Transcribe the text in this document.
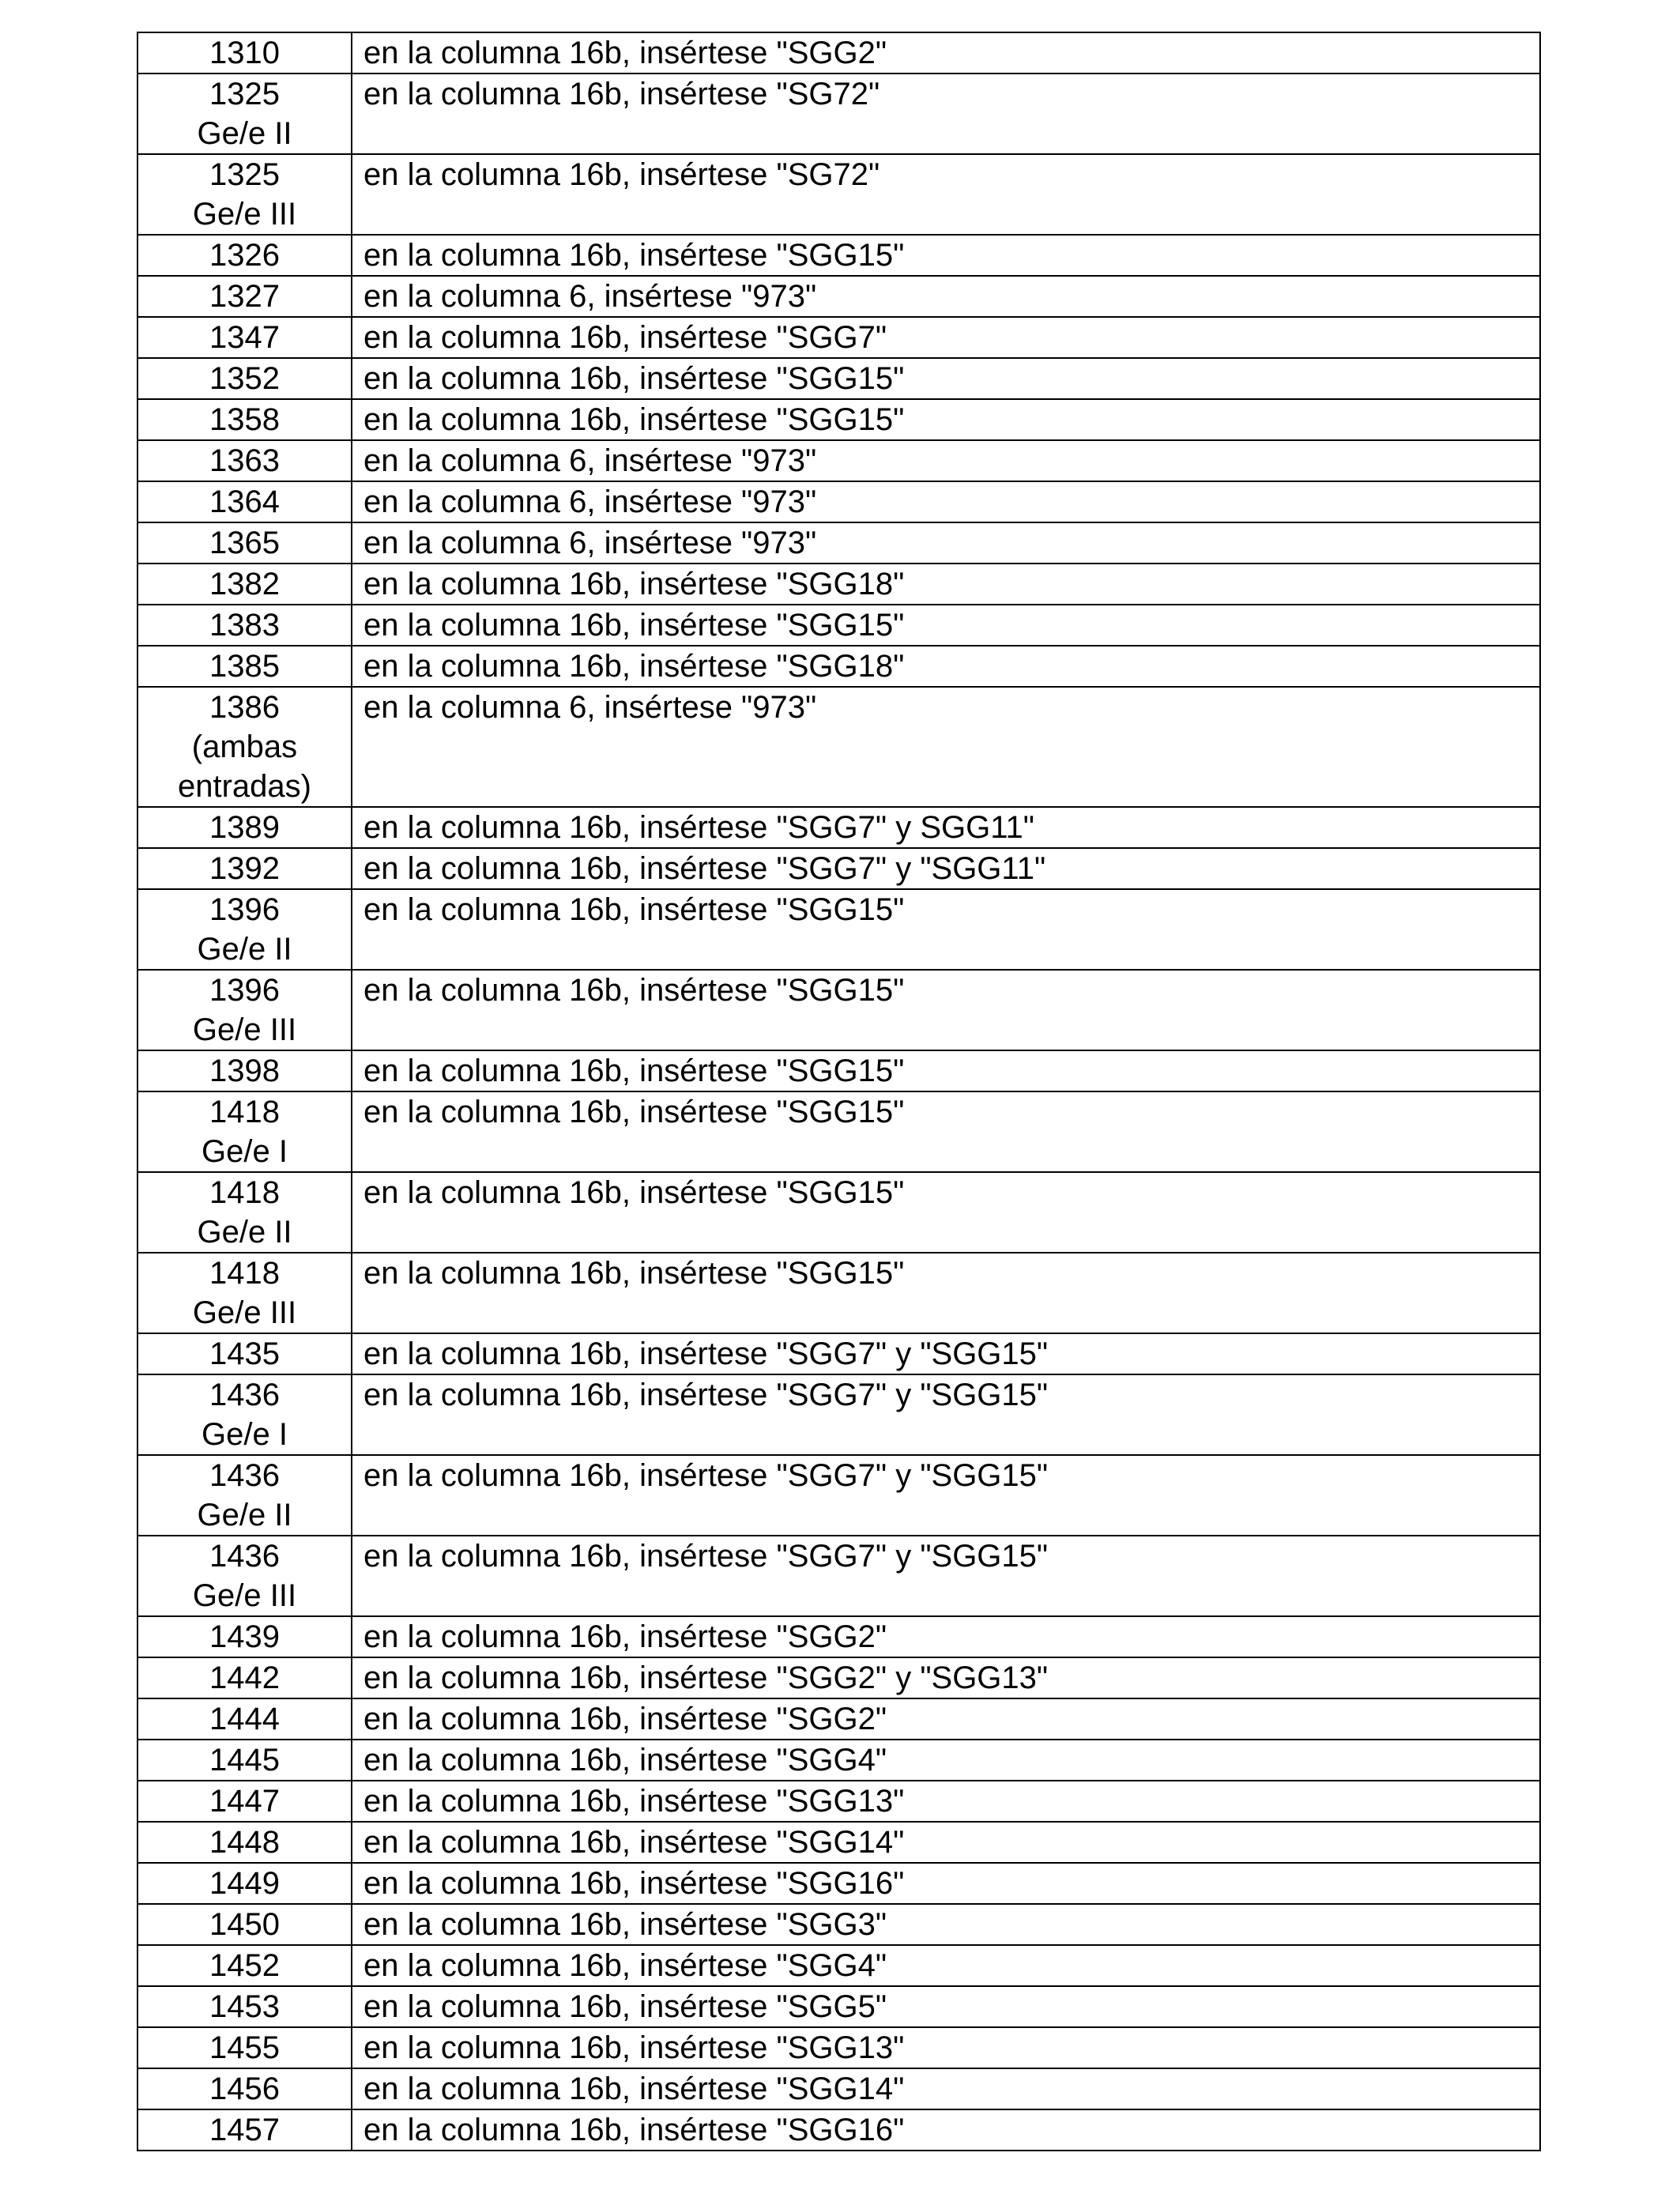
1310	en la columna 16b, insértese "SGG2"
1325
Ge/e II	en la columna 16b, insértese "SG72"
1325
Ge/e III	en la columna 16b, insértese "SG72"
1326	en la columna 16b, insértese "SGG15"
1327	en la columna 6, insértese "973"
1347	en la columna 16b, insértese "SGG7"
1352	en la columna 16b, insértese "SGG15"
1358	en la columna 16b, insértese "SGG15"
1363	en la columna 6, insértese "973"
1364	en la columna 6, insértese "973"
1365	en la columna 6, insértese "973"
1382	en la columna 16b, insértese "SGG18"
1383	en la columna 16b, insértese "SGG15"
1385	en la columna 16b, insértese "SGG18"
1386
(ambas
entradas)	en la columna 6, insértese "973"
1389	en la columna 16b, insértese "SGG7" y SGG11"
1392	en la columna 16b, insértese "SGG7" y "SGG11"
1396
Ge/e II	en la columna 16b, insértese "SGG15"
1396
Ge/e III	en la columna 16b, insértese "SGG15"
1398	en la columna 16b, insértese "SGG15"
1418
Ge/e I	en la columna 16b, insértese "SGG15"
1418
Ge/e II	en la columna 16b, insértese "SGG15"
1418
Ge/e III	en la columna 16b, insértese "SGG15"
1435	en la columna 16b, insértese "SGG7" y "SGG15"
1436
Ge/e I	en la columna 16b, insértese "SGG7" y "SGG15"
1436
Ge/e II	en la columna 16b, insértese "SGG7" y "SGG15"
1436
Ge/e III	en la columna 16b, insértese "SGG7" y "SGG15"
1439	en la columna 16b, insértese "SGG2"
1442	en la columna 16b, insértese "SGG2" y "SGG13"
1444	en la columna 16b, insértese "SGG2"
1445	en la columna 16b, insértese "SGG4"
1447	en la columna 16b, insértese "SGG13"
1448	en la columna 16b, insértese "SGG14"
1449	en la columna 16b, insértese "SGG16"
1450	en la columna 16b, insértese "SGG3"
1452	en la columna 16b, insértese "SGG4"
1453	en la columna 16b, insértese "SGG5"
1455	en la columna 16b, insértese "SGG13"
1456	en la columna 16b, insértese "SGG14"
1457	en la columna 16b, insértese "SGG16"
